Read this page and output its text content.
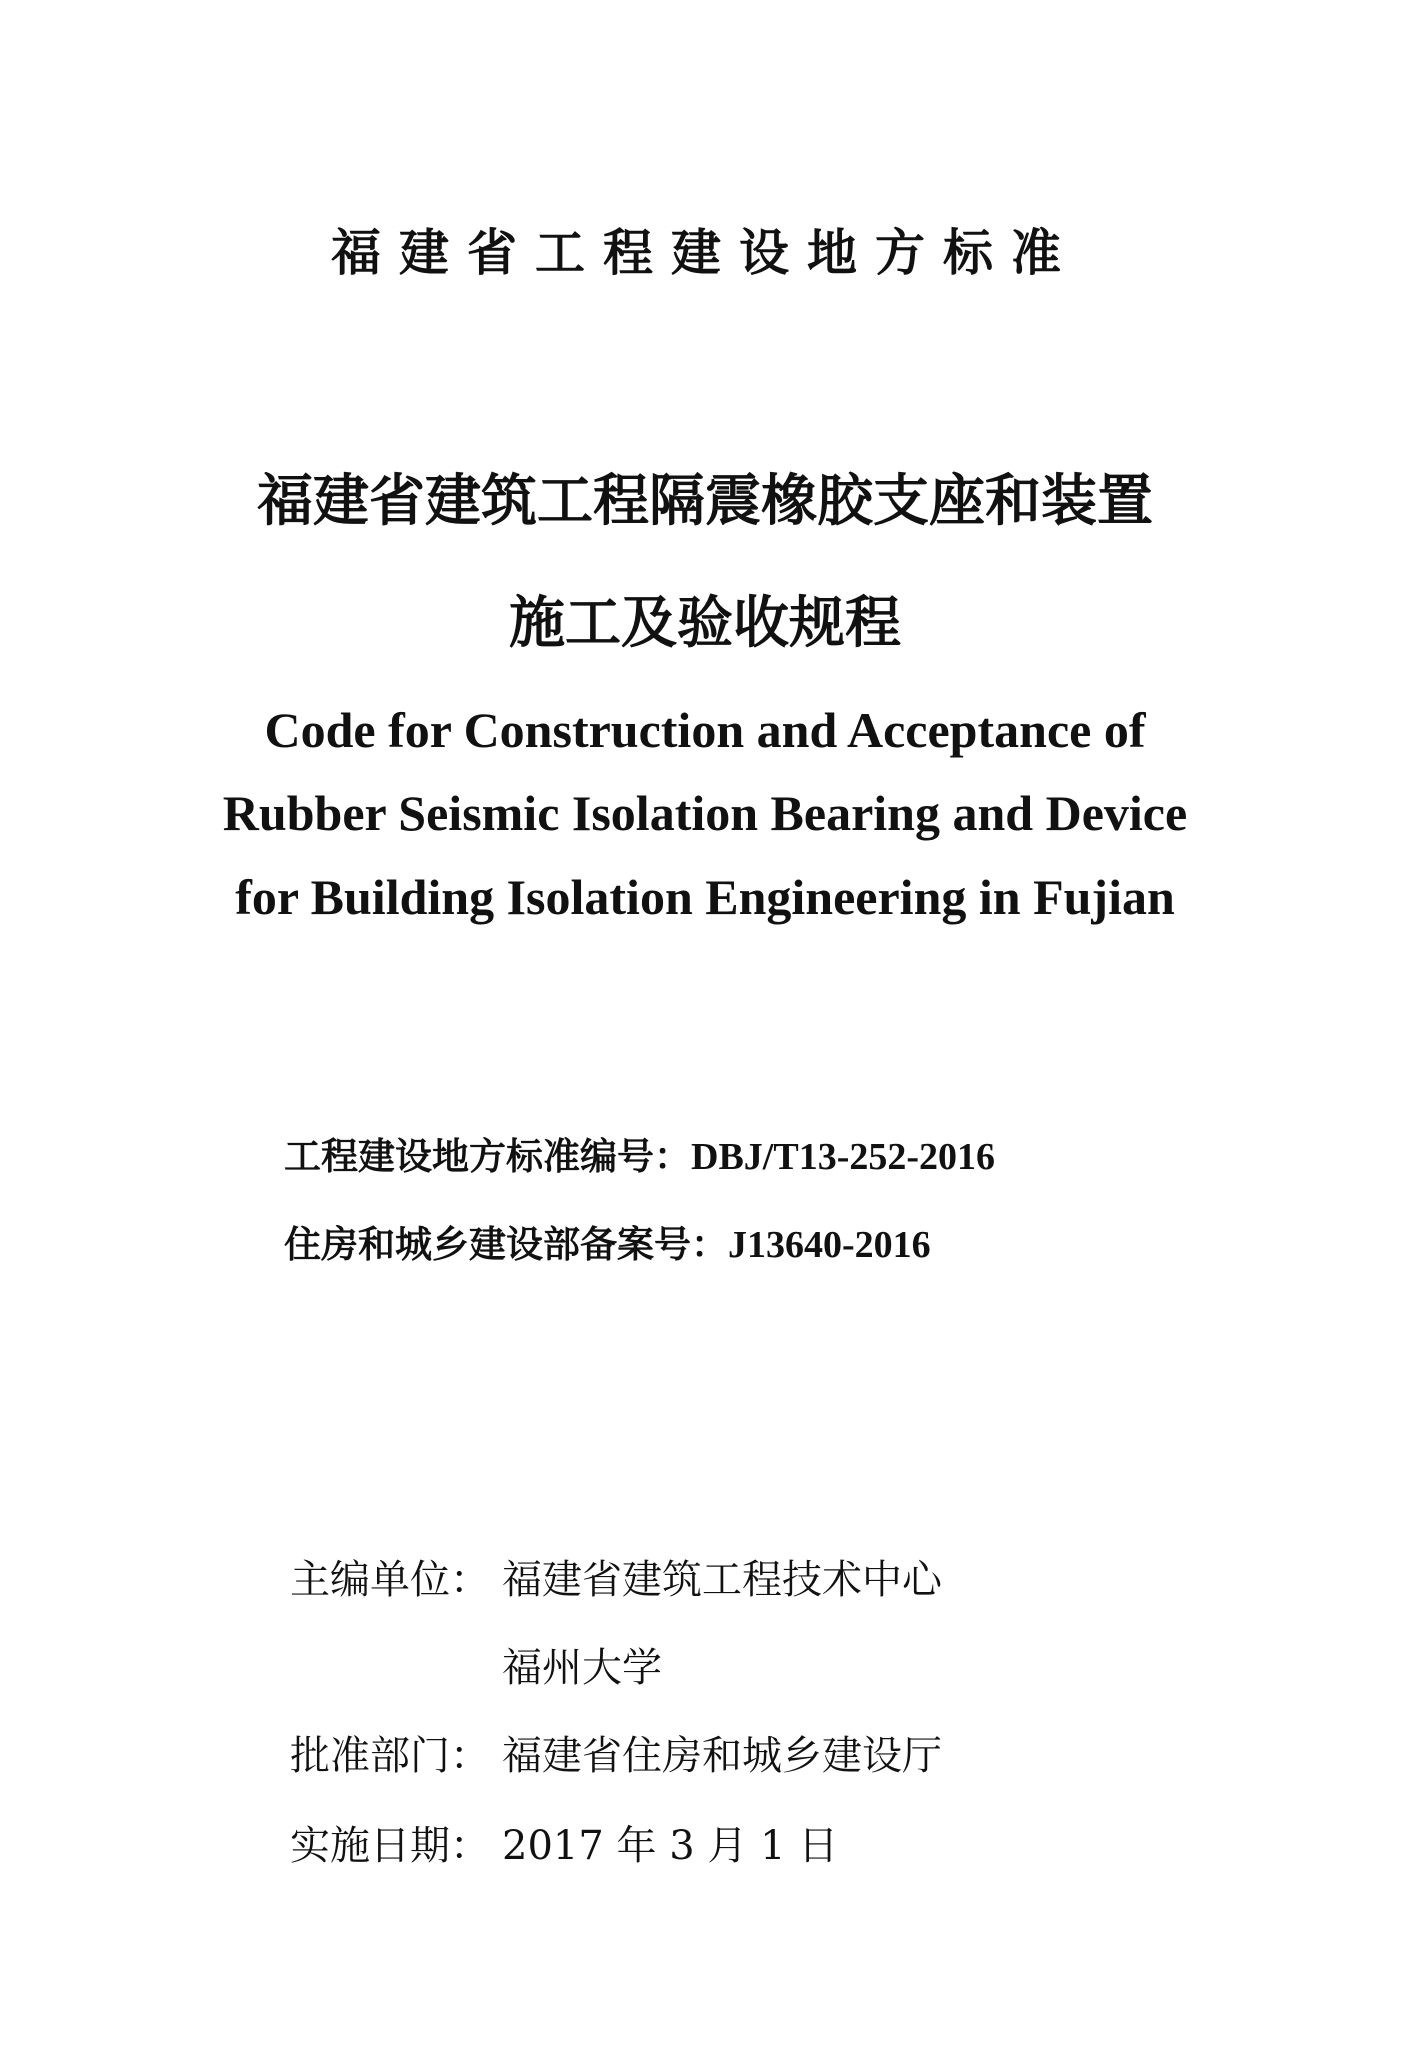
福建省工程建设地方标准
福建省建筑工程隔震橡胶支座和装置
施工及验收规程
Code for Construction and Acceptance of
Rubber Seismic Isolation Bearing and Device
for Building Isolation Engineering in Fujian
工程建设地方标准编号：DBJ/T13-252-2016
住房和城乡建设部备案号：J13640-2016
主编单位： 福建省建筑工程技术中心
福州大学
批准部门： 福建省住房和城乡建设厅
实施日期： 2017 年 3 月 1 日
